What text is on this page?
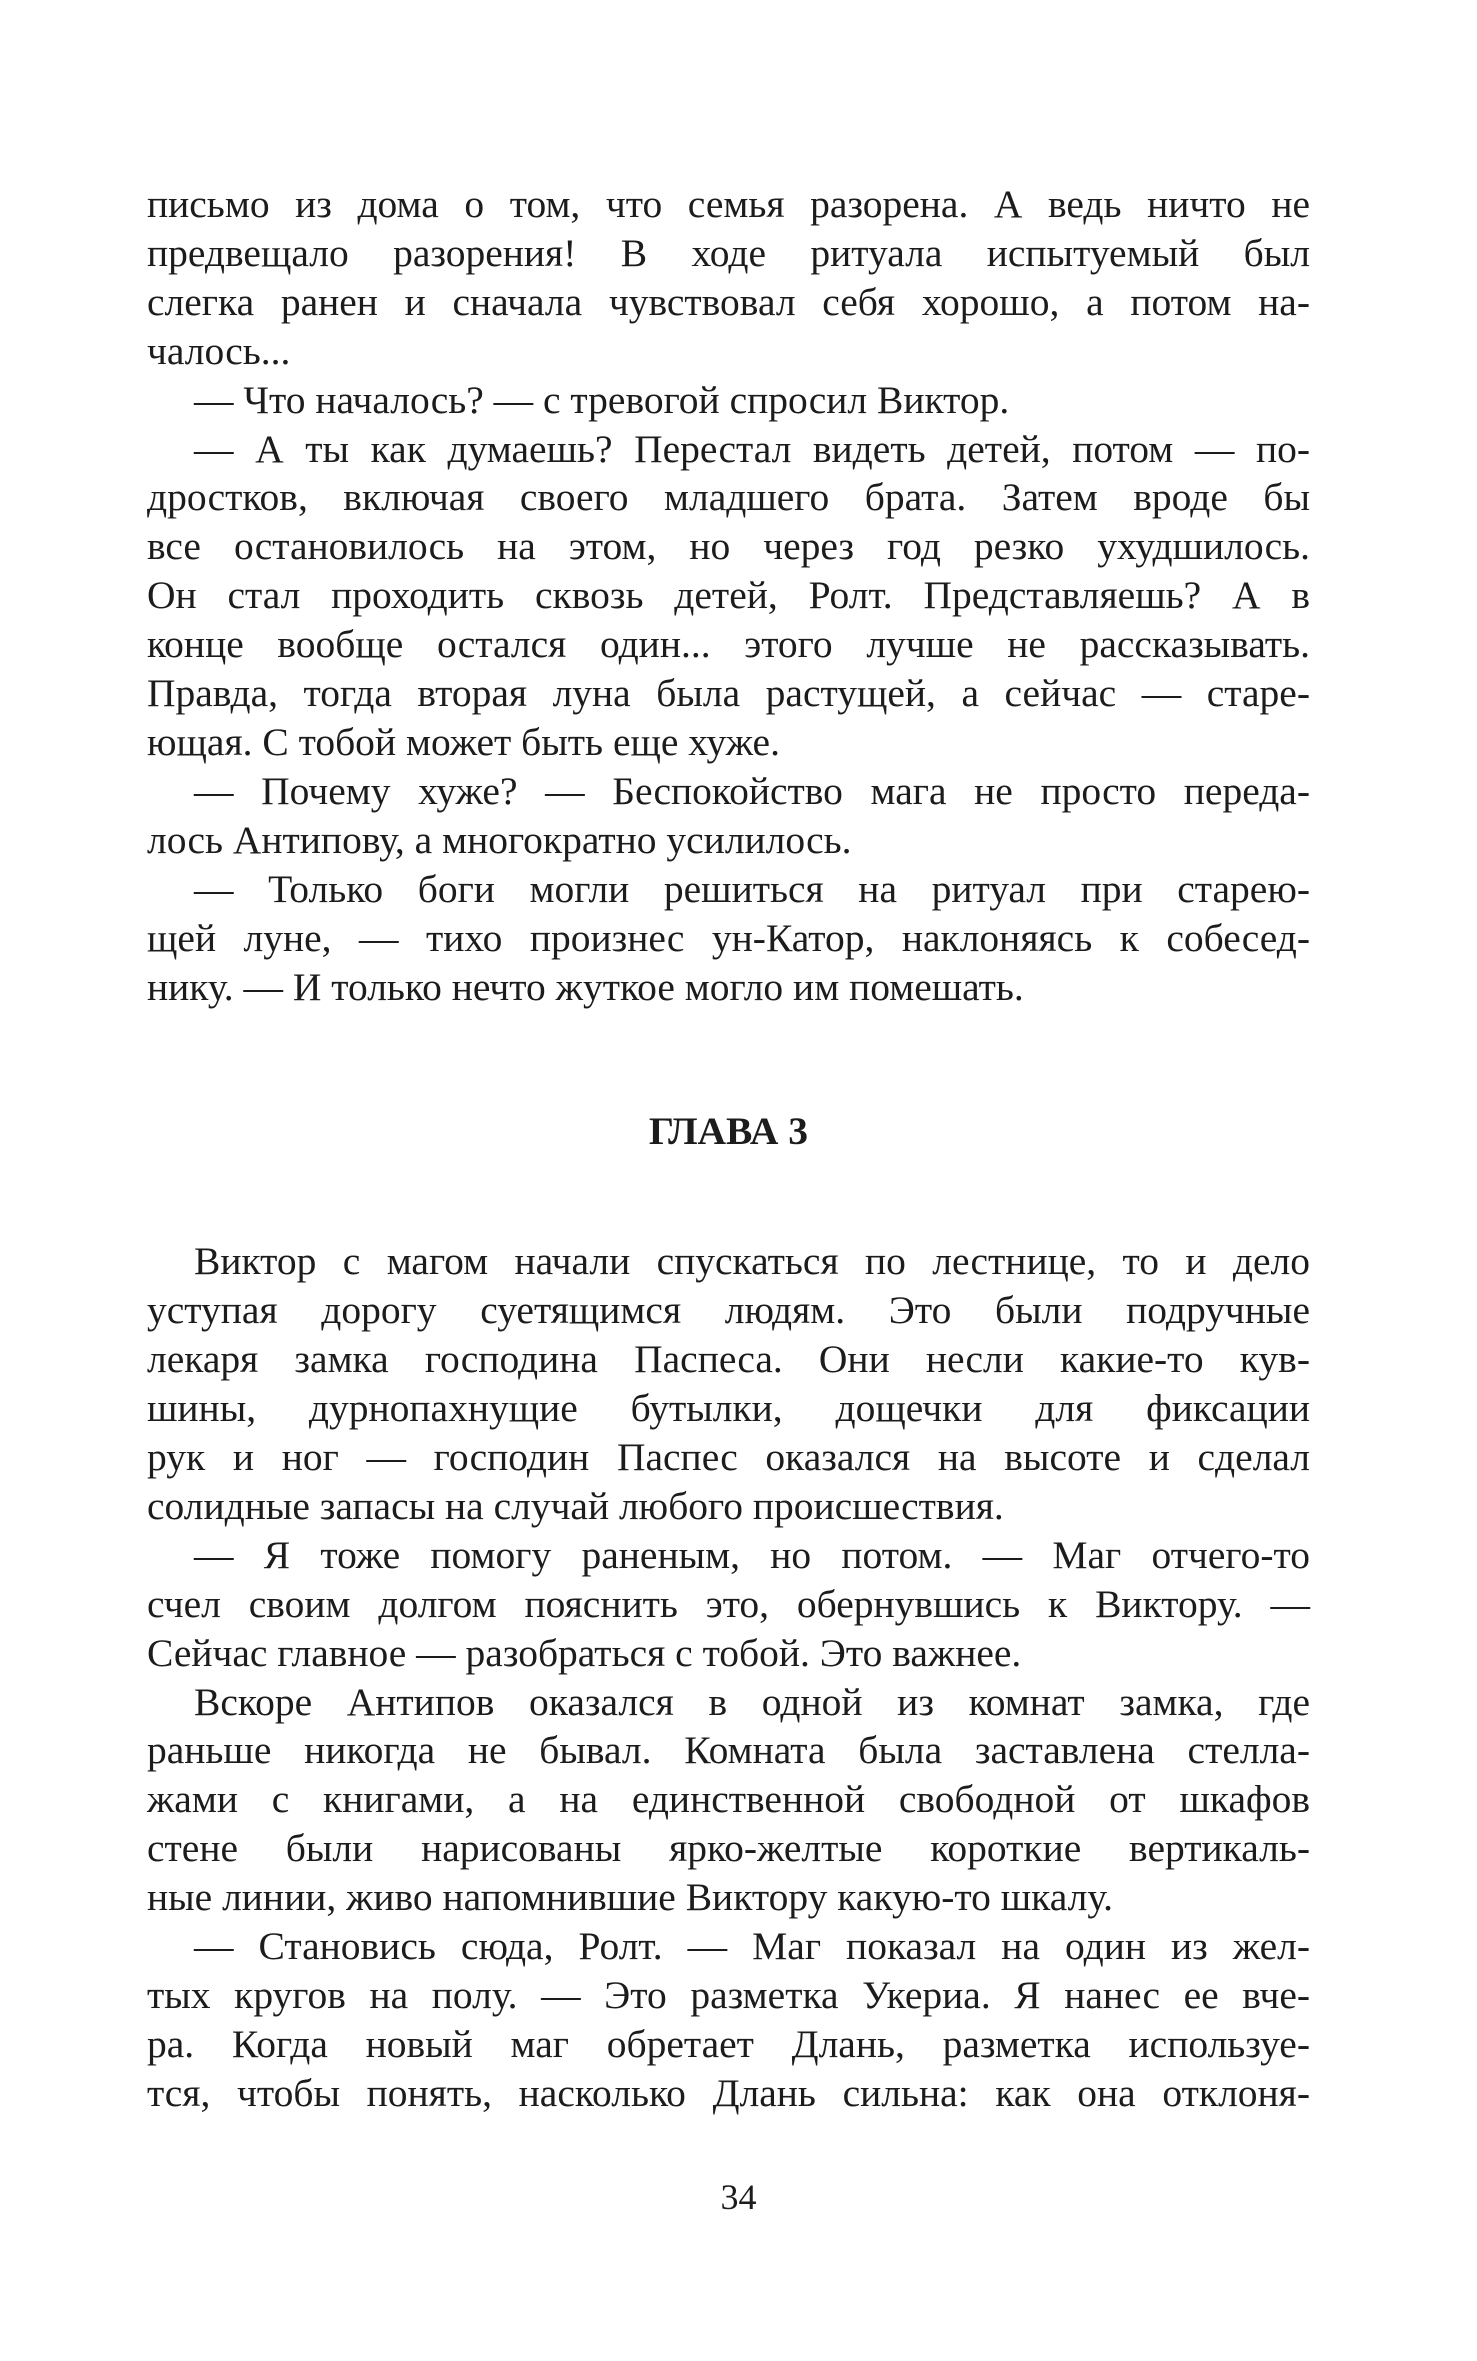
письмо из дома о том, что семья разорена. А ведь ничто не
предвещало разорения! В ходе ритуала испытуемый был
слегка ранен и сначала чувствовал себя хорошо, а потом на-
чалось...
— Что началось? — с тревогой спросил Виктор.
— А ты как думаешь? Перестал видеть детей, потом — по-
дростков, включая своего младшего брата. Затем вроде бы
все остановилось на этом, но через год резко ухудшилось.
Он стал проходить сквозь детей, Ролт. Представляешь? А в
конце вообще остался один... этого лучше не рассказывать.
Правда, тогда вторая луна была растущей, а сейчас — старе-
ющая. С тобой может быть еще хуже.
— Почему хуже? — Беспокойство мага не просто переда-
лось Антипову, а многократно усилилось.
— Только боги могли решиться на ритуал при старею-
щей луне, — тихо произнес ун-Катор, наклоняясь к собесед-
нику. — И только нечто жуткое могло им помешать.
ГЛАВА 3
Виктор с магом начали спускаться по лестнице, то и дело
уступая дорогу суетящимся людям. Это были подручные
лекаря замка господина Паспеса. Они несли какие-то кув-
шины, дурнопахнущие бутылки, дощечки для фиксации
рук и ног — господин Паспес оказался на высоте и сделал
солидные запасы на случай любого происшествия.
— Я тоже помогу раненым, но потом. — Маг отчего-то
счел своим долгом пояснить это, обернувшись к Виктору. —
Сейчас главное — разобраться с тобой. Это важнее.
Вскоре Антипов оказался в одной из комнат замка, где
раньше никогда не бывал. Комната была заставлена стелла-
жами с книгами, а на единственной свободной от шкафов
стене были нарисованы ярко-желтые короткие вертикаль-
ные линии, живо напомнившие Виктору какую-то шкалу.
— Становись сюда, Ролт. — Маг показал на один из жел-
тых кругов на полу. — Это разметка Укериа. Я нанес ее вче-
ра. Когда новый маг обретает Длань, разметка используе-
тся, чтобы понять, насколько Длань сильна: как она отклоня-
34
